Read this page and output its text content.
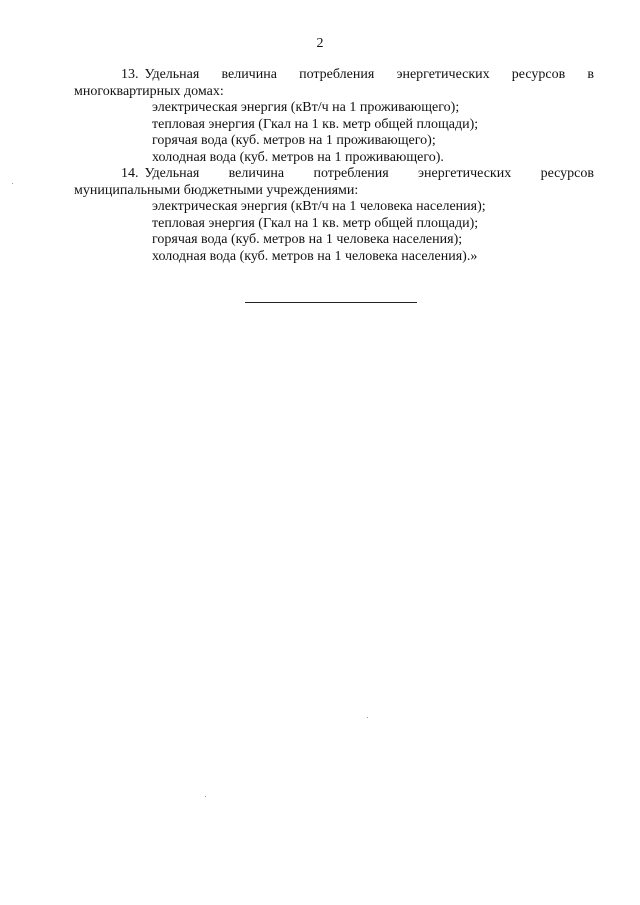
2
13. Удельная величина потребления энергетических ресурсов в многоквартирных домах:
электрическая энергия (кВт/ч на 1 проживающего);
тепловая энергия (Гкал на 1 кв. метр общей площади);
горячая вода (куб. метров на 1 проживающего);
холодная вода (куб. метров на 1 проживающего).
14. Удельная величина потребления энергетических ресурсов муниципальными бюджетными учреждениями:
электрическая энергия (кВт/ч на 1 человека населения);
тепловая энергия (Гкал на 1 кв. метр общей площади);
горячая вода (куб. метров на 1 человека населения);
холодная вода (куб. метров на 1 человека населения).»
